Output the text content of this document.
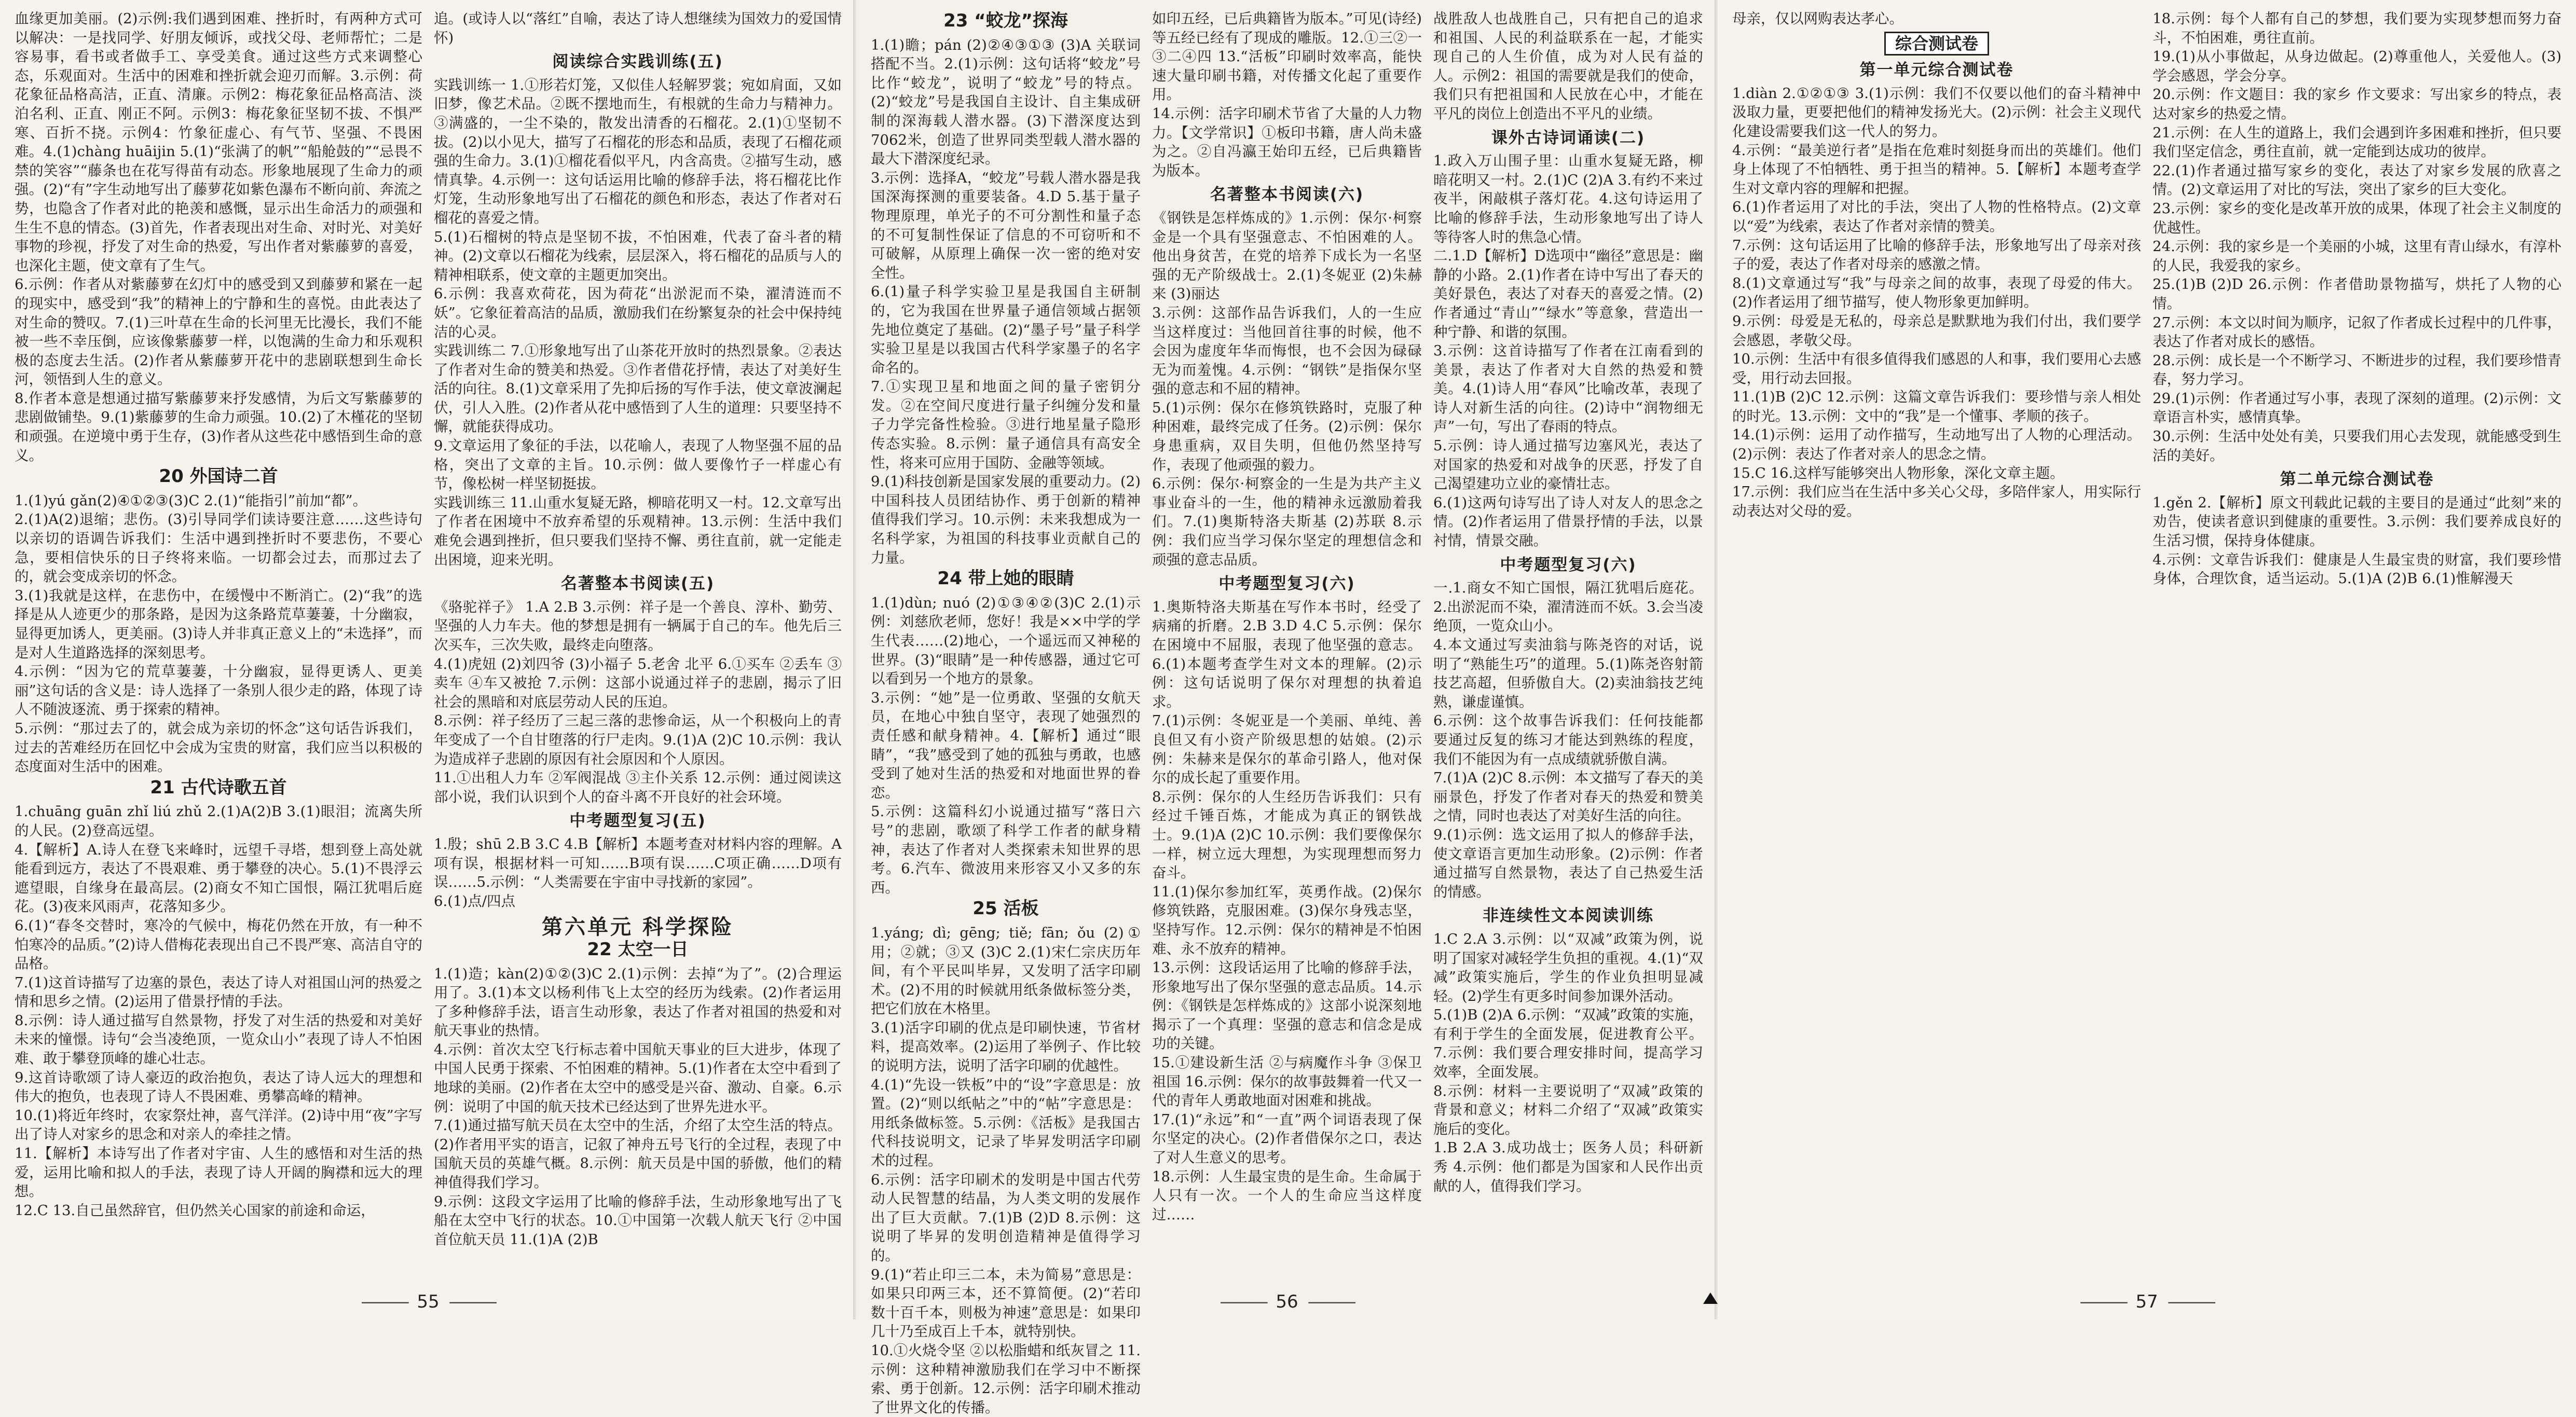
血缘更加美丽。(2)示例:我们遇到困难、挫折时，有两种方式可以解决：一是找同学、好朋友倾诉，或找父母、老师帮忙；二是容易事，看书或者做手工、享受美食。通过这些方式来调整心态，乐观面对。生活中的困难和挫折就会迎刃而解。3.示例：荷花象征品格高洁，正直、清廉。示例2：梅花象征品格高洁、淡泊名利、正直、刚正不阿。示例3：梅花象征坚韧不拔、不惧严寒、百折不挠。示例4：竹象征虚心、有气节、坚强、不畏困难。4.(1)chàng huāijin 5.(1)“张满了的帆”“船舱鼓的”“忌畏不禁的笑容”“藤条也在花写得苗有动态。形象地展现了生命力的顽强。(2)“有”字生动地写出了藤萝花如紫色瀑布不断向前、奔流之势，也隐含了作者对此的艳羡和感慨，显示出生命活力的顽强和生生不息的情态。(3)首先，作者表现出对生命、对时光、对美好事物的珍视，抒发了对生命的热爱，写出作者对紫藤萝的喜爱，也深化主题，使文章有了生气。

6.示例：作者从对紫藤萝在幻灯中的感受到又到藤萝和紧在一起的现实中，感受到“我”的精神上的宁静和生的喜悦。由此表达了对生命的赞叹。7.(1)三叶草在生命的长河里无比漫长，我们不能被一些不幸压倒，应该像紫藤萝一样，以饱满的生命力和乐观积极的态度去生活。(2)作者从紫藤萝开花中的悲剧联想到生命长河，领悟到人生的意义。

8.作者本意是想通过描写紫藤萝来抒发感情，为后文写紫藤萝的悲剧做铺垫。9.(1)紫藤萝的生命力顽强。10.(2)了木槿花的坚韧和顽强。在逆境中勇于生存，(3)作者从这些花中感悟到生命的意义。

20 外国诗二首

1.(1)yú gǎn(2)④①②③(3)C 2.(1)“能指引”前加“都”。

2.(1)A(2)退缩；悲伤。(3)引导同学们读诗要注意……这些诗句以亲切的语调告诉我们：生活中遇到挫折时不要悲伤，不要心急，要相信快乐的日子终将来临。一切都会过去，而那过去了的，就会变成亲切的怀念。

3.(1)我就是这样，在悲伤中，在缓慢中不断消亡。(2)“我”的选择是从人迹更少的那条路，是因为这条路荒草萋萋，十分幽寂，显得更加诱人，更美丽。(3)诗人并非真正意义上的“未选择”，而是对人生道路选择的深刻思考。

4.示例：“因为它的荒草萋萋，十分幽寂，显得更诱人、更美丽”这句话的含义是：诗人选择了一条别人很少走的路，体现了诗人不随波逐流、勇于探索的精神。

5.示例：“那过去了的，就会成为亲切的怀念”这句话告诉我们，过去的苦难经历在回忆中会成为宝贵的财富，我们应当以积极的态度面对生活中的困难。

21 古代诗歌五首

1.chuāng guān zhǐ liú zhǔ 2.(1)A(2)B 3.(1)眼泪；流离失所的人民。(2)登高远望。

4.【解析】A.诗人在登飞来峰时，远望千寻塔，想到登上高处就能看到远方，表达了不畏艰难、勇于攀登的决心。5.(1)不畏浮云遮望眼，自缘身在最高层。(2)商女不知亡国恨，隔江犹唱后庭花。(3)夜来风雨声，花落知多少。

6.(1)“春冬交替时，寒冷的气候中，梅花仍然在开放，有一种不怕寒冷的品质。”(2)诗人借梅花表现出自己不畏严寒、高洁自守的品格。

7.(1)这首诗描写了边塞的景色，表达了诗人对祖国山河的热爱之情和思乡之情。(2)运用了借景抒情的手法。

8.示例：诗人通过描写自然景物，抒发了对生活的热爱和对美好未来的憧憬。诗句“会当凌绝顶，一览众山小”表现了诗人不怕困难、敢于攀登顶峰的雄心壮志。

9.这首诗歌颂了诗人豪迈的政治抱负，表达了诗人远大的理想和伟大的抱负，也表现了诗人不畏困难、勇攀高峰的精神。

10.(1)将近年终时，农家祭灶神，喜气洋洋。(2)诗中用“夜”字写出了诗人对家乡的思念和对亲人的牵挂之情。

11.【解析】本诗写出了作者对宇宙、人生的感悟和对生活的热爱，运用比喻和拟人的手法，表现了诗人开阔的胸襟和远大的理想。

12.C 13.自己虽然辞官，但仍然关心国家的前途和命运，

追。(或诗人以“落红”自喻，表达了诗人想继续为国效力的爱国情怀)

阅读综合实践训练(五)

实践训练一 1.①形若灯笼，又似佳人轻解罗裳；宛如肩面，又如旧梦，像艺术品。②既不摆地而生，有根就的生命力与精神力。③满盛的，一尘不染的，散发出清香的石榴花。2.(1)①坚韧不拔。(2)以小见大，描写了石榴花的形态和品质，表现了石榴花顽强的生命力。3.(1)①榴花看似平凡，内含高贵。②描写生动，感情真挚。4.示例一：这句话运用比喻的修辞手法，将石榴花比作灯笼，生动形象地写出了石榴花的颜色和形态，表达了作者对石榴花的喜爱之情。

5.(1)石榴树的特点是坚韧不拔，不怕困难，代表了奋斗者的精神。(2)文章以石榴花为线索，层层深入，将石榴花的品质与人的精神相联系，使文章的主题更加突出。

6.示例：我喜欢荷花，因为荷花“出淤泥而不染，濯清涟而不妖”。它象征着高洁的品质，激励我们在纷繁复杂的社会中保持纯洁的心灵。

实践训练二 7.①形象地写出了山茶花开放时的热烈景象。②表达了作者对生命的赞美和热爱。③作者借花抒情，表达了对美好生活的向往。8.(1)文章采用了先抑后扬的写作手法，使文章波澜起伏，引人入胜。(2)作者从花中感悟到了人生的道理：只要坚持不懈，就能获得成功。

9.文章运用了象征的手法，以花喻人，表现了人物坚强不屈的品格，突出了文章的主旨。10.示例：做人要像竹子一样虚心有节，像松树一样坚韧挺拔。

实践训练三 11.山重水复疑无路，柳暗花明又一村。12.文章写出了作者在困境中不放弃希望的乐观精神。13.示例：生活中我们难免会遇到挫折，但只要我们坚持不懈、勇往直前，就一定能走出困境，迎来光明。

名著整本书阅读(五)

《骆驼祥子》 1.A 2.B 3.示例：祥子是一个善良、淳朴、勤劳、坚强的人力车夫。他的梦想是拥有一辆属于自己的车。他先后三次买车，三次失败，最终走向堕落。

4.(1)虎妞 (2)刘四爷 (3)小福子 5.老舍 北平 6.①买车 ②丢车 ③卖车 ④车又被抢 7.示例：这部小说通过祥子的悲剧，揭示了旧社会的黑暗和对底层劳动人民的压迫。

8.示例：祥子经历了三起三落的悲惨命运，从一个积极向上的青年变成了一个自甘堕落的行尸走肉。9.(1)A (2)C 10.示例：我认为造成祥子悲剧的原因有社会原因和个人原因。

11.①出租人力车 ②军阀混战 ③主仆关系 12.示例：通过阅读这部小说，我们认识到个人的奋斗离不开良好的社会环境。

中考题型复习(五)

1.殷；shū 2.B 3.C 4.B【解析】本题考查对材料内容的理解。A项有误，根据材料一可知……B项有误……C项正确……D项有误……5.示例：“人类需要在宇宙中寻找新的家园”。

6.(1)点/四点

第六单元 科学探险
22 太空一日

1.(1)造；kàn(2)①②(3)C 2.(1)示例：去掉“为了”。(2)合理运用了。3.(1)本文以杨利伟飞上太空的经历为线索。(2)作者运用了多种修辞手法，语言生动形象，表达了作者对祖国的热爱和对航天事业的热情。

4.示例：首次太空飞行标志着中国航天事业的巨大进步，体现了中国人民勇于探索、不怕困难的精神。5.(1)作者在太空中看到了地球的美丽。(2)作者在太空中的感受是兴奋、激动、自豪。6.示例：说明了中国的航天技术已经达到了世界先进水平。

7.(1)通过描写航天员在太空中的生活，介绍了太空生活的特点。(2)作者用平实的语言，记叙了神舟五号飞行的全过程，表现了中国航天员的英雄气概。8.示例：航天员是中国的骄傲，他们的精神值得我们学习。

9.示例：这段文字运用了比喻的修辞手法，生动形象地写出了飞船在太空中飞行的状态。10.①中国第一次载人航天飞行 ②中国首位航天员 11.(1)A (2)B

——— 55 ———
23 “蛟龙”探海

1.(1)瞻；pán (2)②④③①③ (3)A 关联词搭配不当。2.(1)示例：这句话将“蛟龙”号比作“蛟龙”，说明了“蛟龙”号的特点。(2)“蛟龙”号是我国自主设计、自主集成研制的深海载人潜水器。(3)下潜深度达到7062米，创造了世界同类型载人潜水器的最大下潜深度纪录。

3.示例：选择A，“蛟龙”号载人潜水器是我国深海探测的重要装备。4.D 5.基于量子物理原理，单光子的不可分割性和量子态的不可复制性保证了信息的不可窃听和不可破解，从原理上确保一次一密的绝对安全性。

6.(1)量子科学实验卫星是我国自主研制的，它为我国在世界量子通信领域占据领先地位奠定了基础。(2)“墨子号”量子科学实验卫星是以我国古代科学家墨子的名字命名的。

7.①实现卫星和地面之间的量子密钥分发。②在空间尺度进行量子纠缠分发和量子力学完备性检验。③进行地星量子隐形传态实验。8.示例：量子通信具有高安全性，将来可应用于国防、金融等领域。

9.(1)科技创新是国家发展的重要动力。(2)中国科技人员团结协作、勇于创新的精神值得我们学习。10.示例：未来我想成为一名科学家，为祖国的科技事业贡献自己的力量。

24 带上她的眼睛

1.(1)dùn; nuó (2)①③④②(3)C 2.(1)示例：刘慈欣老师，您好！我是××中学的学生代表……(2)地心，一个遥远而又神秘的世界。(3)“眼睛”是一种传感器，通过它可以看到另一个地方的景象。

3.示例：“她”是一位勇敢、坚强的女航天员，在地心中独自坚守，表现了她强烈的责任感和献身精神。4.【解析】通过“眼睛”，“我”感受到了她的孤独与勇敢，也感受到了她对生活的热爱和对地面世界的眷恋。

5.示例：这篇科幻小说通过描写“落日六号”的悲剧，歌颂了科学工作者的献身精神，表达了作者对人类探索未知世界的思考。6.汽车、微波用来形容又小又多的东西。

25 活板

1.yáng; dì; gēng; tiě; fān; ǒu (2)①用；②就；③又 (3)C 2.(1)宋仁宗庆历年间，有个平民叫毕昇，又发明了活字印刷术。(2)不用的时候就用纸条做标签分类，把它们放在木格里。

3.(1)活字印刷的优点是印刷快速，节省材料，提高效率。(2)运用了举例子、作比较的说明方法，说明了活字印刷的优越性。

4.(1)“先设一铁板”中的“设”字意思是：放置。(2)“则以纸帖之”中的“帖”字意思是：用纸条做标签。5.示例：《活板》是我国古代科技说明文，记录了毕昇发明活字印刷术的过程。

6.示例：活字印刷术的发明是中国古代劳动人民智慧的结晶，为人类文明的发展作出了巨大贡献。7.(1)B (2)D 8.示例：这说明了毕昇的发明创造精神是值得学习的。

9.(1)“若止印三二本，未为简易”意思是：如果只印两三本，还不算简便。(2)“若印数十百千本，则极为神速”意思是：如果印几十乃至成百上千本，就特别快。

10.①火烧令坚 ②以松脂蜡和纸灰冒之 11.示例：这种精神激励我们在学习中不断探索、勇于创新。12.示例：活字印刷术推动了世界文化的传播。

如印五经，已后典籍皆为版本。”可见(诗经)等五经已经有了现成的雕版。12.①三②一③二④四 13.“活板”印刷时效率高，能快速大量印刷书籍，对传播文化起了重要作用。

14.示例：活字印刷术节省了大量的人力物力。【文学常识】①板印书籍，唐人尚未盛为之。②自冯瀛王始印五经，已后典籍皆为版本。

名著整本书阅读(六)

《钢铁是怎样炼成的》1.示例：保尔·柯察金是一个具有坚强意志、不怕困难的人。他出身贫苦，在党的培养下成长为一名坚强的无产阶级战士。2.(1)冬妮亚 (2)朱赫来 (3)丽达

3.示例：这部作品告诉我们，人的一生应当这样度过：当他回首往事的时候，他不会因为虚度年华而悔恨，也不会因为碌碌无为而羞愧。4.示例：“钢铁”是指保尔坚强的意志和不屈的精神。

5.(1)示例：保尔在修筑铁路时，克服了种种困难，最终完成了任务。(2)示例：保尔身患重病，双目失明，但他仍然坚持写作，表现了他顽强的毅力。

6.示例：保尔·柯察金的一生是为共产主义事业奋斗的一生，他的精神永远激励着我们。7.(1)奥斯特洛夫斯基 (2)苏联 8.示例：我们应当学习保尔坚定的理想信念和顽强的意志品质。

中考题型复习(六)

1.奥斯特洛夫斯基在写作本书时，经受了病痛的折磨。2.B 3.D 4.C 5.示例：保尔在困境中不屈服，表现了他坚强的意志。6.(1)本题考查学生对文本的理解。(2)示例：这句话说明了保尔对理想的执着追求。

7.(1)示例：冬妮亚是一个美丽、单纯、善良但又有小资产阶级思想的姑娘。(2)示例：朱赫来是保尔的革命引路人，他对保尔的成长起了重要作用。

8.示例：保尔的人生经历告诉我们：只有经过千锤百炼，才能成为真正的钢铁战士。9.(1)A (2)C 10.示例：我们要像保尔一样，树立远大理想，为实现理想而努力奋斗。

11.(1)保尔参加红军，英勇作战。(2)保尔修筑铁路，克服困难。(3)保尔身残志坚，坚持写作。12.示例：保尔的精神是不怕困难、永不放弃的精神。

13.示例：这段话运用了比喻的修辞手法，形象地写出了保尔坚强的意志品质。14.示例：《钢铁是怎样炼成的》这部小说深刻地揭示了一个真理：坚强的意志和信念是成功的关键。

15.①建设新生活 ②与病魔作斗争 ③保卫祖国 16.示例：保尔的故事鼓舞着一代又一代的青年人勇敢地面对困难和挑战。

17.(1)“永远”和“一直”两个词语表现了保尔坚定的决心。(2)作者借保尔之口，表达了对人生意义的思考。

18.示例：人生最宝贵的是生命。生命属于人只有一次。一个人的生命应当这样度过……

战胜敌人也战胜自己，只有把自己的追求和祖国、人民的利益联系在一起，才能实现自己的人生价值，成为对人民有益的人。示例2：祖国的需要就是我们的使命，我们只有把祖国和人民放在心中，才能在平凡的岗位上创造出不平凡的业绩。

课外古诗词诵读(二)

1.政入万山围子里：山重水复疑无路，柳暗花明又一村。2.(1)C (2)A 3.有约不来过夜半，闲敲棋子落灯花。4.这句诗运用了比喻的修辞手法，生动形象地写出了诗人等待客人时的焦急心情。

二.1.D【解析】D选项中“幽径”意思是：幽静的小路。2.(1)作者在诗中写出了春天的美好景色，表达了对春天的喜爱之情。(2)作者通过“青山”“绿水”等意象，营造出一种宁静、和谐的氛围。

3.示例：这首诗描写了作者在江南看到的美景，表达了作者对大自然的热爱和赞美。4.(1)诗人用“春风”比喻改革，表现了诗人对新生活的向往。(2)诗中“润物细无声”一句，写出了春雨的特点。

5.示例：诗人通过描写边塞风光，表达了对国家的热爱和对战争的厌恶，抒发了自己渴望建功立业的豪情壮志。

6.(1)这两句诗写出了诗人对友人的思念之情。(2)作者运用了借景抒情的手法，以景衬情，情景交融。

中考题型复习(六)

一.1.商女不知亡国恨，隔江犹唱后庭花。2.出淤泥而不染，濯清涟而不妖。3.会当凌绝顶，一览众山小。

4.本文通过写卖油翁与陈尧咨的对话，说明了“熟能生巧”的道理。5.(1)陈尧咨射箭技艺高超，但骄傲自大。(2)卖油翁技艺纯熟，谦虚谨慎。

6.示例：这个故事告诉我们：任何技能都要通过反复的练习才能达到熟练的程度，我们不能因为有一点成绩就骄傲自满。

7.(1)A (2)C 8.示例：本文描写了春天的美丽景色，抒发了作者对春天的热爱和赞美之情，同时也表达了对美好生活的向往。

9.(1)示例：选文运用了拟人的修辞手法，使文章语言更加生动形象。(2)示例：作者通过描写自然景物，表达了自己热爱生活的情感。

非连续性文本阅读训练

1.C 2.A 3.示例：以“双减”政策为例，说明了国家对减轻学生负担的重视。4.(1)“双减”政策实施后，学生的作业负担明显减轻。(2)学生有更多时间参加课外活动。

5.(1)B (2)A 6.示例：“双减”政策的实施，有利于学生的全面发展，促进教育公平。7.示例：我们要合理安排时间，提高学习效率，全面发展。

8.示例：材料一主要说明了“双减”政策的背景和意义；材料二介绍了“双减”政策实施后的变化。

1.B 2.A 3.成功战士；医务人员；科研新秀 4.示例：他们都是为国家和人民作出贡献的人，值得我们学习。

——— 56 ———

母亲，仅以网购表达孝心。

综合测试卷
第一单元综合测试卷

1.diàn 2.①②①③ 3.(1)示例：我们不仅要以他们的奋斗精神中汲取力量，更要把他们的精神发扬光大。(2)示例：社会主义现代化建设需要我们这一代人的努力。

4.示例：“最美逆行者”是指在危难时刻挺身而出的英雄们。他们身上体现了不怕牺牲、勇于担当的精神。5.【解析】本题考查学生对文章内容的理解和把握。

6.(1)作者运用了对比的手法，突出了人物的性格特点。(2)文章以“爱”为线索，表达了作者对亲情的赞美。

7.示例：这句话运用了比喻的修辞手法，形象地写出了母亲对孩子的爱，表达了作者对母亲的感激之情。

8.(1)文章通过写“我”与母亲之间的故事，表现了母爱的伟大。(2)作者运用了细节描写，使人物形象更加鲜明。

9.示例：母爱是无私的，母亲总是默默地为我们付出，我们要学会感恩，孝敬父母。

10.示例：生活中有很多值得我们感恩的人和事，我们要用心去感受，用行动去回报。

11.(1)B (2)C 12.示例：这篇文章告诉我们：要珍惜与亲人相处的时光。13.示例：文中的“我”是一个懂事、孝顺的孩子。

14.(1)示例：运用了动作描写，生动地写出了人物的心理活动。(2)示例：表达了作者对亲人的思念之情。

15.C 16.这样写能够突出人物形象，深化文章主题。

17.示例：我们应当在生活中多关心父母，多陪伴家人，用实际行动表达对父母的爱。

18.示例：每个人都有自己的梦想，我们要为实现梦想而努力奋斗，不怕困难，勇往直前。

19.(1)从小事做起，从身边做起。(2)尊重他人，关爱他人。(3)学会感恩，学会分享。

20.示例：作文题目：我的家乡 作文要求：写出家乡的特点，表达对家乡的热爱之情。

21.示例：在人生的道路上，我们会遇到许多困难和挫折，但只要我们坚定信念，勇往直前，就一定能到达成功的彼岸。

22.(1)作者通过描写家乡的变化，表达了对家乡发展的欣喜之情。(2)文章运用了对比的写法，突出了家乡的巨大变化。

23.示例：家乡的变化是改革开放的成果，体现了社会主义制度的优越性。

24.示例：我的家乡是一个美丽的小城，这里有青山绿水，有淳朴的人民，我爱我的家乡。

25.(1)B (2)D 26.示例：作者借助景物描写，烘托了人物的心情。

27.示例：本文以时间为顺序，记叙了作者成长过程中的几件事，表达了作者对成长的感悟。

28.示例：成长是一个不断学习、不断进步的过程，我们要珍惜青春，努力学习。

29.(1)示例：作者通过写小事，表现了深刻的道理。(2)示例：文章语言朴实，感情真挚。

30.示例：生活中处处有美，只要我们用心去发现，就能感受到生活的美好。

第二单元综合测试卷

1.gěn 2.【解析】原文刊载此记载的主要目的是通过“此刻”来的劝告，使读者意识到健康的重要性。3.示例：我们要养成良好的生活习惯，保持身体健康。

4.示例：文章告诉我们：健康是人生最宝贵的财富，我们要珍惜身体，合理饮食，适当运动。5.(1)A (2)B 6.(1)惟解漫天

——— 57 ———
